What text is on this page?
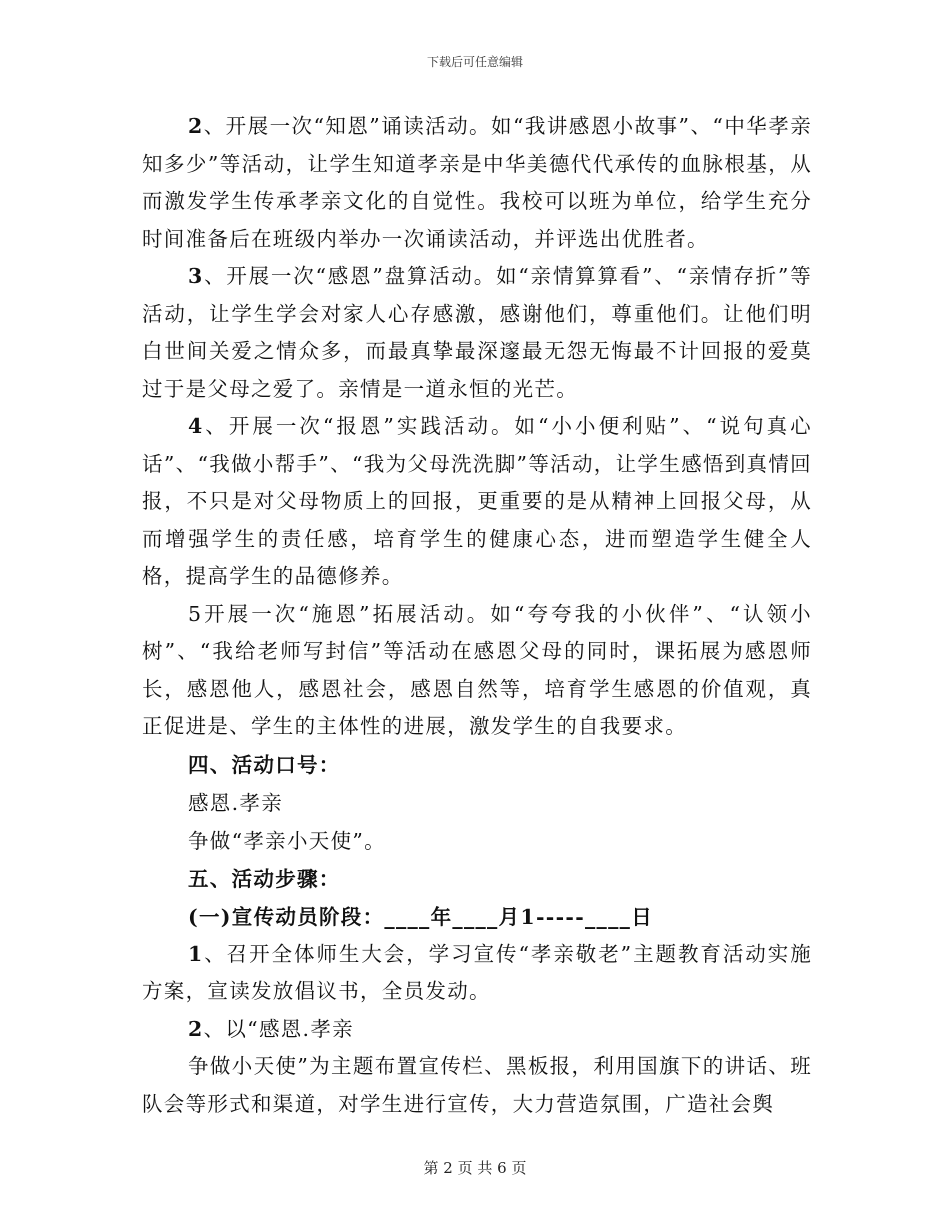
下载后可任意编辑

2、开展一次“知恩”诵读活动。如“我讲感恩小故事”、“中华孝亲知多少”等活动，让学生知道孝亲是中华美德代代承传的血脉根基，从而激发学生传承孝亲文化的自觉性。我校可以班为单位，给学生充分时间准备后在班级内举办一次诵读活动，并评选出优胜者。

3、开展一次“感恩”盘算活动。如“亲情算算看”、“亲情存折”等活动，让学生学会对家人心存感激，感谢他们，尊重他们。让他们明白世间关爱之情众多，而最真挚最深邃最无怨无悔最不计回报的爱莫过于是父母之爱了。亲情是一道永恒的光芒。

4、开展一次“报恩”实践活动。如“小小便利贴”、“说句真心话”、“我做小帮手”、“我为父母洗洗脚”等活动，让学生感悟到真情回报，不只是对父母物质上的回报，更重要的是从精神上回报父母，从而增强学生的责任感，培育学生的健康心态，进而塑造学生健全人格，提高学生的品德修养。

5开展一次“施恩”拓展活动。如“夸夸我的小伙伴”、“认领小树”、“我给老师写封信”等活动在感恩父母的同时，课拓展为感恩师长，感恩他人，感恩社会，感恩自然等，培育学生感恩的价值观，真正促进是、学生的主体性的进展，激发学生的自我要求。

四、活动口号：

感恩.孝亲

争做“孝亲小天使”。

五、活动步骤：

(一)宣传动员阶段：____年____月1-----____日

1、召开全体师生大会，学习宣传“孝亲敬老”主题教育活动实施方案，宣读发放倡议书，全员发动。

2、以“感恩.孝亲

争做小天使”为主题布置宣传栏、黑板报，利用国旗下的讲话、班队会等形式和渠道，对学生进行宣传，大力营造氛围，广造社会舆

第 2 页 共 6 页
